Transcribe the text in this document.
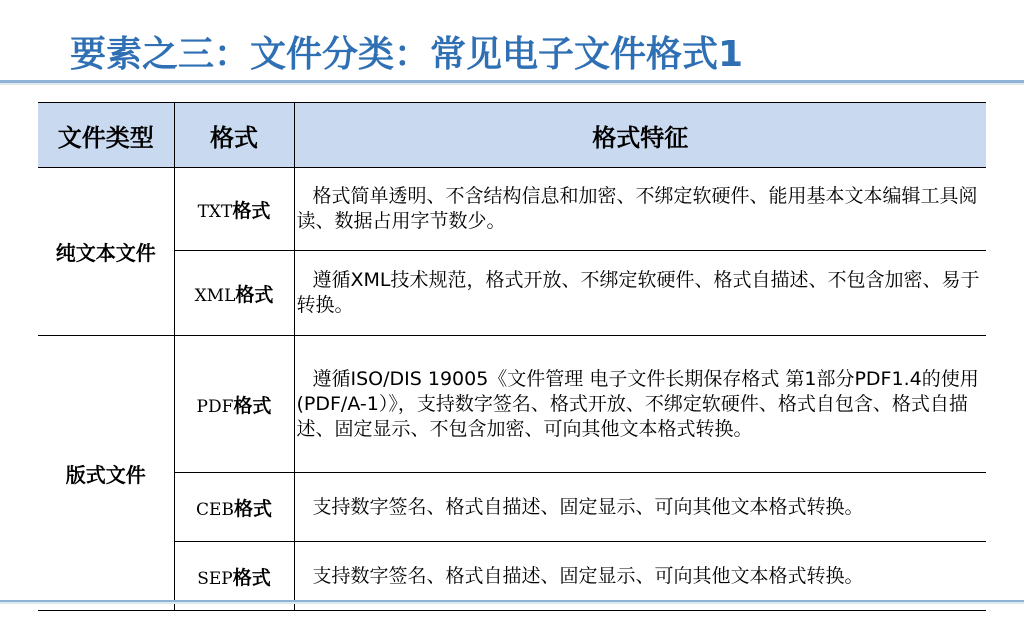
要素之三：文件分类：常见电子文件格式1
文件类型	格式	格式特征
纯文本文件	TXT格式	格式简单透明、不含结构信息和加密、不绑定软硬件、能用基本文本编辑工具阅读、数据占用字节数少。
	XML格式	遵循XML技术规范，格式开放、不绑定软硬件、格式自描述、不包含加密、易于转换。
版式文件	PDF格式	遵循ISO/DIS 19005《文件管理 电子文件长期保存格式 第1部分PDF1.4的使用(PDF/A-1）》，支持数字签名、格式开放、不绑定软硬件、格式自包含、格式自描述、固定显示、不包含加密、可向其他文本格式转换。
	CEB格式	支持数字签名、格式自描述、固定显示、可向其他文本格式转换。
	SEP格式	支持数字签名、格式自描述、固定显示、可向其他文本格式转换。
